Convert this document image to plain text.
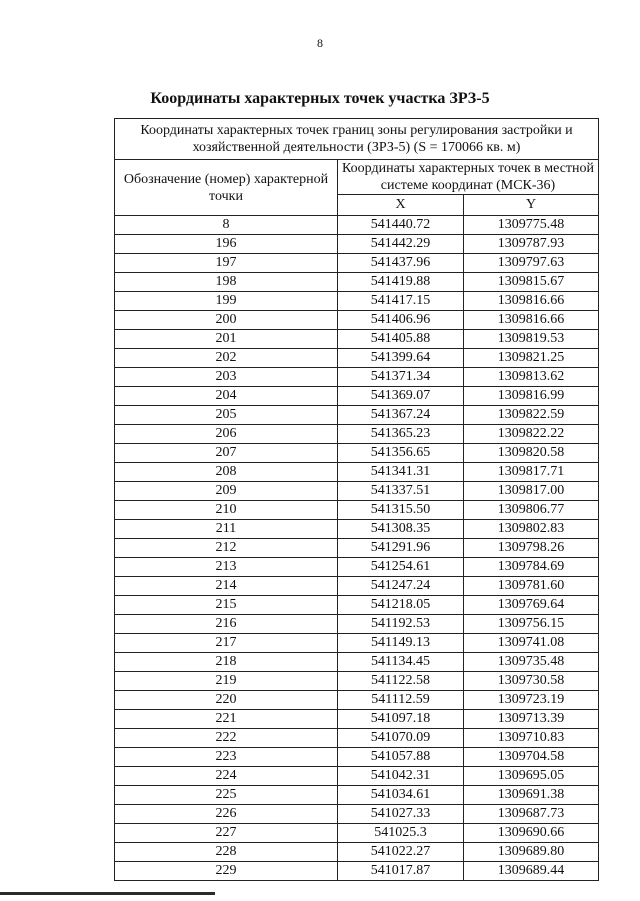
8
Координаты характерных точек участка ЗРЗ-5
Координаты характерных точек границ зоны регулирования застройки и хозяйственной деятельности (ЗРЗ-5) (S = 170066 кв. м)		
Обозначение (номер) характерной точки	Координаты характерных точек в местной системе координат (МСК-36)	
	X	Y
8	541440.72	1309775.48
196	541442.29	1309787.93
197	541437.96	1309797.63
198	541419.88	1309815.67
199	541417.15	1309816.66
200	541406.96	1309816.66
201	541405.88	1309819.53
202	541399.64	1309821.25
203	541371.34	1309813.62
204	541369.07	1309816.99
205	541367.24	1309822.59
206	541365.23	1309822.22
207	541356.65	1309820.58
208	541341.31	1309817.71
209	541337.51	1309817.00
210	541315.50	1309806.77
211	541308.35	1309802.83
212	541291.96	1309798.26
213	541254.61	1309784.69
214	541247.24	1309781.60
215	541218.05	1309769.64
216	541192.53	1309756.15
217	541149.13	1309741.08
218	541134.45	1309735.48
219	541122.58	1309730.58
220	541112.59	1309723.19
221	541097.18	1309713.39
222	541070.09	1309710.83
223	541057.88	1309704.58
224	541042.31	1309695.05
225	541034.61	1309691.38
226	541027.33	1309687.73
227	541025.3	1309690.66
228	541022.27	1309689.80
229	541017.87	1309689.44
